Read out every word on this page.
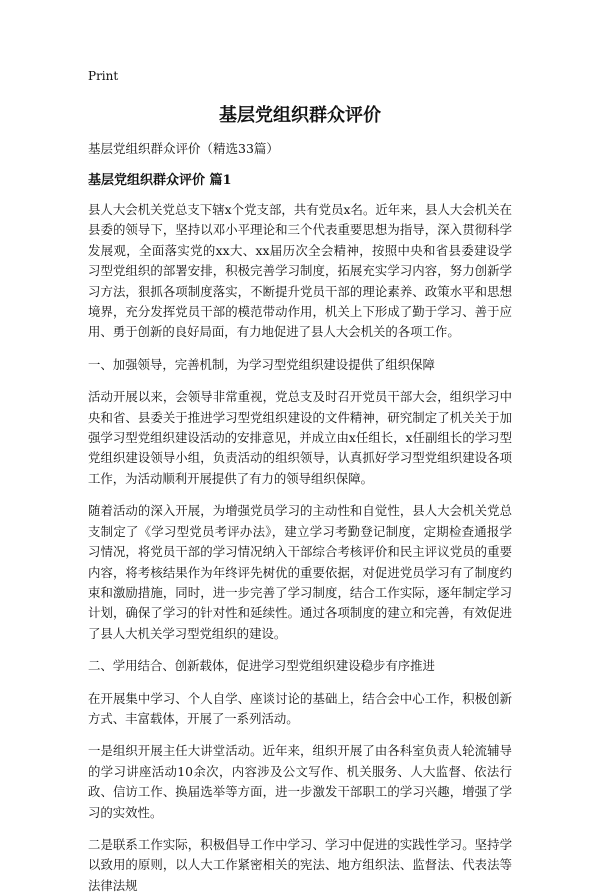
Print
基层党组织群众评价
基层党组织群众评价（精选33篇）
基层党组织群众评价 篇1

县人大会机关党总支下辖x个党支部，共有党员x名。近年来，县人大会机关在县委的领导下，坚持以邓小平理论和三个代表重要思想为指导，深入贯彻科学发展观，全面落实党的xx大、xx届历次全会精神，按照中央和省县委建设学习型党组织的部署安排，积极完善学习制度，拓展充实学习内容，努力创新学习方法，狠抓各项制度落实，不断提升党员干部的理论素养、政策水平和思想境界，充分发挥党员干部的模范带动作用，机关上下形成了勤于学习、善于应用、勇于创新的良好局面，有力地促进了县人大会机关的各项工作。

一、加强领导，完善机制，为学习型党组织建设提供了组织保障

活动开展以来，会领导非常重视，党总支及时召开党员干部大会，组织学习中央和省、县委关于推进学习型党组织建设的文件精神，研究制定了机关关于加强学习型党组织建设活动的安排意见，并成立由x任组长，x任副组长的学习型党组织建设领导小组，负责活动的组织领导，认真抓好学习型党组织建设各项工作，为活动顺利开展提供了有力的领导组织保障。

随着活动的深入开展，为增强党员学习的主动性和自觉性，县人大会机关党总支制定了《学习型党员考评办法》，建立学习考勤登记制度，定期检查通报学习情况，将党员干部的学习情况纳入干部综合考核评价和民主评议党员的重要内容，将考核结果作为年终评先树优的重要依据，对促进党员学习有了制度约束和激励措施，同时，进一步完善了学习制度，结合工作实际，逐年制定学习计划，确保了学习的针对性和延续性。通过各项制度的建立和完善，有效促进了县人大机关学习型党组织的建设。

二、学用结合、创新载体，促进学习型党组织建设稳步有序推进

在开展集中学习、个人自学、座谈讨论的基础上，结合会中心工作，积极创新方式、丰富载体，开展了一系列活动。

一是组织开展主任大讲堂活动。近年来，组织开展了由各科室负责人轮流辅导的学习讲座活动10余次，内容涉及公文写作、机关服务、人大监督、依法行政、信访工作、换届选举等方面，进一步激发干部职工的学习兴趣，增强了学习的实效性。

二是联系工作实际，积极倡导工作中学习、学习中促进的实践性学习。坚持学以致用的原则，以人大工作紧密相关的宪法、地方组织法、监督法、代表法等法律法规
